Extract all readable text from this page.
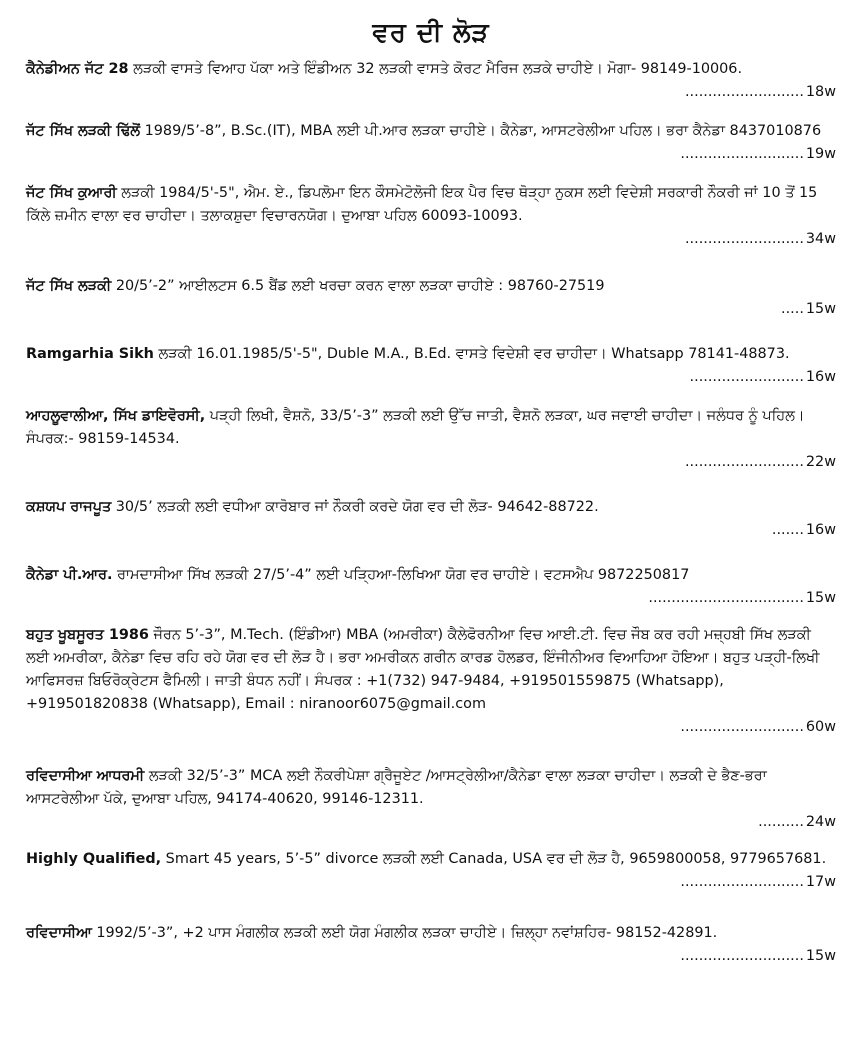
ਵਰ ਦੀ ਲੋੜ
ਕੈਨੇਡੀਅਨ ਜੱਟ 28 ਲੜਕੀ ਵਾਸਤੇ ਵਿਆਹ ਪੱਕਾ ਅਤੇ ਇੰਡੀਅਨ 32 ਲੜਕੀ ਵਾਸਤੇ ਕੋਰਟ ਮੈਰਿਜ ਲੜਕੇ ਚਾਹੀਏ। ਮੋਗਾ- 98149-10006.
.......................... 18w
ਜੱਟ ਸਿੱਖ ਲੜਕੀ ਢਿੱਲੋਂ 1989/5’-8”, B.Sc.(IT), MBA ਲਈ ਪੀ.ਆਰ ਲੜਕਾ ਚਾਹੀਏ। ਕੈਨੇਡਾ, ਆਸਟਰੇਲੀਆ ਪਹਿਲ। ਭਰਾ ਕੈਨੇਡਾ 8437010876
........................... 19w
ਜੱਟ ਸਿੱਖ ਕੁਆਰੀ ਲੜਕੀ 1984/5'-5", ਐਮ. ਏ., ਡਿਪਲੋਮਾ ਇਨ ਕੌਸਮੇਟੋਲੋਜੀ ਇਕ ਪੈਰ ਵਿਚ ਥੋੜ੍ਹਾ ਨੁਕਸ ਲਈ ਵਿਦੇਸ਼ੀ ਸਰਕਾਰੀ ਨੌਕਰੀ ਜਾਂ 10 ਤੋਂ 15 ਕਿੱਲੇ ਜ਼ਮੀਨ ਵਾਲਾ ਵਰ ਚਾਹੀਦਾ। ਤਲਾਕਸ਼ੁਦਾ ਵਿਚਾਰਨਯੋਗ। ਦੁਆਬਾ ਪਹਿਲ 60093-10093.
.......................... 34w
ਜੱਟ ਸਿੱਖ ਲੜਕੀ 20/5’-2” ਆਈਲਟਸ 6.5 ਬੈਂਡ ਲਈ ਖਰਚਾ ਕਰਨ ਵਾਲਾ ਲੜਕਾ ਚਾਹੀਏ : 98760-27519
..... 15w
Ramgarhia Sikh ਲੜਕੀ 16.01.1985/5'-5", Duble M.A., B.Ed. ਵਾਸਤੇ ਵਿਦੇਸ਼ੀ ਵਰ ਚਾਹੀਦਾ। Whatsapp 78141-48873.
......................... 16w
ਆਹਲੂਵਾਲੀਆ, ਸਿੱਖ ਡਾਇਵੋਰਸੀ, ਪੜ੍ਹੀ ਲਿਖੀ, ਵੈਸ਼ਨੋ, 33/5’-3” ਲੜਕੀ ਲਈ ਉੱਚ ਜਾਤੀ, ਵੈਸ਼ਨੋ ਲੜਕਾ, ਘਰ ਜਵਾਈ ਚਾਹੀਦਾ। ਜਲੰਧਰ ਨੂੰ ਪਹਿਲ। ਸੰਪਰਕ:- 98159-14534.
.......................... 22w
ਕਸ਼ਯਪ ਰਾਜਪੂਤ 30/5’ ਲੜਕੀ ਲਈ ਵਧੀਆ ਕਾਰੋਬਾਰ ਜਾਂ ਨੌਕਰੀ ਕਰਦੇ ਯੋਗ ਵਰ ਦੀ ਲੋੜ- 94642-88722.
....... 16w
ਕੈਨੇਡਾ ਪੀ.ਆਰ. ਰਾਮਦਾਸੀਆ ਸਿੱਖ ਲੜਕੀ 27/5’-4” ਲਈ ਪੜ੍ਹਿਆ-ਲਿਖਿਆ ਯੋਗ ਵਰ ਚਾਹੀਏ। ਵਟਸਐਪ 9872250817
.................................. 15w
ਬਹੁਤ ਖੂਬਸੂਰਤ 1986 ਜੌਰਨ 5’-3”, M.Tech. (ਇੰਡੀਆ) MBA (ਅਮਰੀਕਾ) ਕੈਲੇਫੋਰਨੀਆ ਵਿਚ ਆਈ.ਟੀ. ਵਿਚ ਜੌਬ ਕਰ ਰਹੀ ਮਜ਼੍ਹਬੀ ਸਿੱਖ ਲੜਕੀ ਲਈ ਅਮਰੀਕਾ, ਕੈਨੇਡਾ ਵਿਚ ਰਹਿ ਰਹੇ ਯੋਗ ਵਰ ਦੀ ਲੋੜ ਹੈ। ਭਰਾ ਅਮਰੀਕਨ ਗਰੀਨ ਕਾਰਡ ਹੋਲਡਰ, ਇੰਜੀਨੀਅਰ ਵਿਆਹਿਆ ਹੋਇਆ। ਬਹੁਤ ਪੜ੍ਹੀ-ਲਿਖੀ ਆਫਿਸਰਜ਼ ਬਿਓਰੋਕ੍ਰੇਟਸ ਫੈਮਿਲੀ। ਜਾਤੀ ਬੰਧਨ ਨਹੀਂ। ਸੰਪਰਕ : +1(732) 947-9484, +919501559875 (Whatsapp), +919501820838 (Whatsapp), Email : niranoor6075@gmail.com
........................... 60w
ਰਵਿਦਾਸੀਆ ਆਧਰਮੀ ਲੜਕੀ 32/5’-3” MCA ਲਈ ਨੌਕਰੀਪੇਸ਼ਾ ਗ੍ਰੈਜੂਏਟ /ਆਸਟ੍ਰੇਲੀਆ/ਕੈਨੇਡਾ ਵਾਲਾ ਲੜਕਾ ਚਾਹੀਦਾ। ਲੜਕੀ ਦੇ ਭੈਣ-ਭਰਾ ਆਸਟਰੇਲੀਆ ਪੱਕੇ, ਦੁਆਬਾ ਪਹਿਲ, 94174-40620, 99146-12311.
.......... 24w
Highly Qualified, Smart 45 years, 5’-5” divorce ਲੜਕੀ ਲਈ Canada, USA ਵਰ ਦੀ ਲੋੜ ਹੈ, 9659800058, 9779657681.
........................... 17w
ਰਵਿਦਾਸੀਆ 1992/5’-3”, +2 ਪਾਸ ਮੰਗਲੀਕ ਲੜਕੀ ਲਈ ਯੋਗ ਮੰਗਲੀਕ ਲੜਕਾ ਚਾਹੀਏ। ਜ਼ਿਲ੍ਹਾ ਨਵਾਂਸ਼ਹਿਰ- 98152-42891.
........................... 15w
